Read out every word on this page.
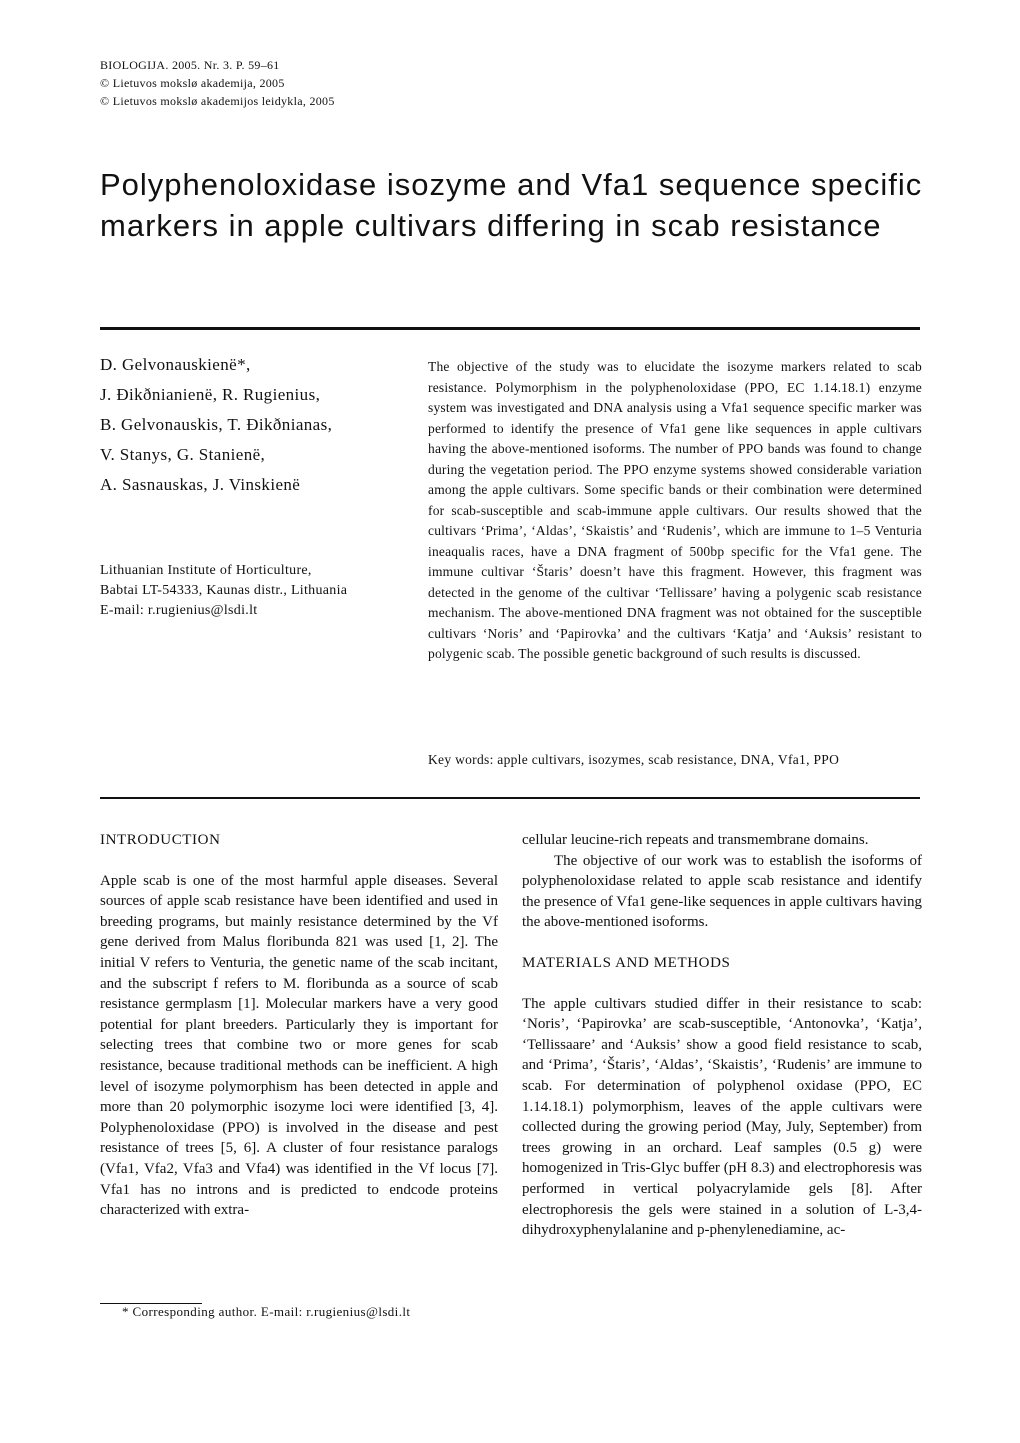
BIOLOGIJA. 2005. Nr. 3. P. 59–61
© Lietuvos mokslø akademija, 2005
© Lietuvos mokslø akademijos leidykla, 2005
Polyphenoloxidase isozyme and Vfa1 sequence specific markers in apple cultivars differing in scab resistance
D. Gelvonauskienë*,
J. Ðikðnianienë, R. Rugienius,
B. Gelvonauskis, T. Ðikðnianas,
V. Stanys, G. Stanienë,
A. Sasnauskas, J. Vinskienë
Lithuanian Institute of Horticulture,
Babtai LT-54333, Kaunas distr., Lithuania
E-mail: r.rugienius@lsdi.lt

The objective of the study was to elucidate the isozyme markers related to scab resistance. Polymorphism in the polyphenoloxidase (PPO, EC 1.14.18.1) enzyme system was investigated and DNA analysis using a Vfa1 sequence specific marker was performed to identify the presence of Vfa1 gene like sequences in apple cultivars having the above-mentioned isoforms. The number of PPO bands was found to change during the vegetation period. The PPO enzyme systems showed considerable variation among the apple cultivars. Some specific bands or their combination were determined for scab-susceptible and scab-immune apple cultivars. Our results showed that the cultivars ‘Prima’, ‘Aldas’, ‘Skaistis’ and ‘Rudenis’, which are immune to 1–5 Venturia ineaqualis races, have a DNA fragment of 500bp specific for the Vfa1 gene. The immune cultivar ‘Štaris’ doesn’t have this fragment. However, this fragment was detected in the genome of the cultivar ‘Tellissare’ having a polygenic scab resistance mechanism. The above-mentioned DNA fragment was not obtained for the susceptible cultivars ‘Noris’ and ‘Papirovka’ and the cultivars ‘Katja’ and ‘Auksis’ resistant to polygenic scab. The possible genetic background of such results is discussed.

Key words: apple cultivars, isozymes, scab resistance, DNA, Vfa1, PPO
INTRODUCTION

Apple scab is one of the most harmful apple diseases. Several sources of apple scab resistance have been identified and used in breeding programs, but mainly resistance determined by the Vf gene derived from Malus floribunda 821 was used [1, 2]. The initial V refers to Venturia, the genetic name of the scab incitant, and the subscript f refers to M. floribunda as a source of scab resistance germplasm [1]. Molecular markers have a very good potential for plant breeders. Particularly they is important for selecting trees that combine two or more genes for scab resistance, because traditional methods can be inefficient. A high level of isozyme polymorphism has been detected in apple and more than 20 polymorphic isozyme loci were identified [3, 4]. Polyphenoloxidase (PPO) is involved in the disease and pest resistance of trees [5, 6]. A cluster of four resistance paralogs (Vfa1, Vfa2, Vfa3 and Vfa4) was identified in the Vf locus [7]. Vfa1 has no introns and is predicted to endcode proteins characterized with extra-

* Corresponding author. E-mail: r.rugienius@lsdi.lt

cellular leucine-rich repeats and transmembrane domains.

The objective of our work was to establish the isoforms of polyphenoloxidase related to apple scab resistance and identify the presence of Vfa1 gene-like sequences in apple cultivars having the above-mentioned isoforms.

MATERIALS AND METHODS

The apple cultivars studied differ in their resistance to scab: ‘Noris’, ‘Papirovka’ are scab-susceptible, ‘Antonovka’, ‘Katja’, ‘Tellissaare’ and ‘Auksis’ show a good field resistance to scab, and ‘Prima’, ‘Štaris’, ‘Aldas’, ‘Skaistis’, ‘Rudenis’ are immune to scab. For determination of polyphenol oxidase (PPO, EC 1.14.18.1) polymorphism, leaves of the apple cultivars were collected during the growing period (May, July, September) from trees growing in an orchard. Leaf samples (0.5 g) were homogenized in Tris-Glyc buffer (pH 8.3) and electrophoresis was performed in vertical polyacrylamide gels [8]. After electrophoresis the gels were stained in a solution of L-3,4-dihydroxyphenylalanine and p-phenylenediamine, ac-
